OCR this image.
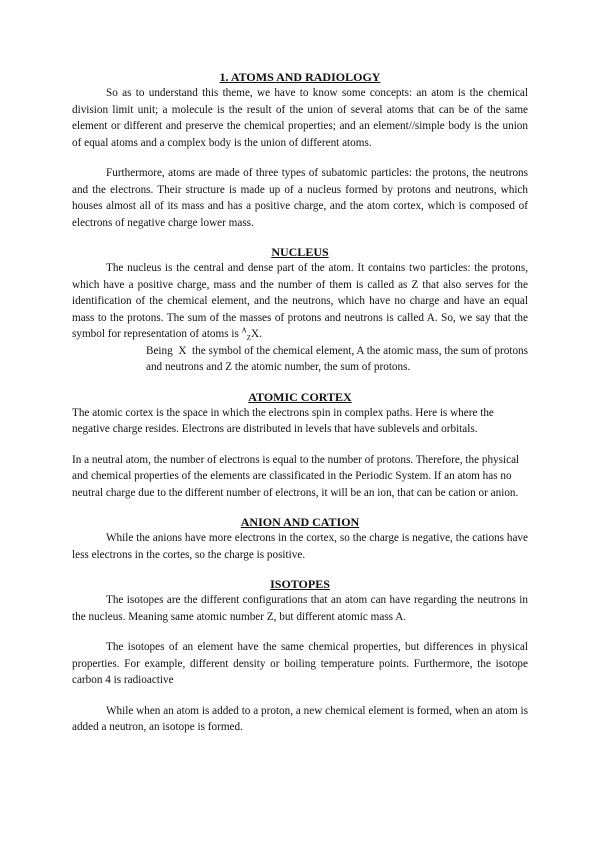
1. ATOMS AND RADIOLOGY

So as to understand this theme, we have to know some concepts: an atom is the chemical division limit unit; a molecule is the result of the union of several atoms that can be of the same element or different and preserve the chemical properties; and an element//simple body is the union of equal atoms and a complex body is the union of different atoms.

Furthermore, atoms are made of three types of subatomic particles: the protons, the neutrons and the electrons. Their structure is made up of a nucleus formed by protons and neutrons, which houses almost all of its mass and has a positive charge, and the atom cortex, which is composed of electrons of negative charge lower mass.

NUCLEUS

The nucleus is the central and dense part of the atom. It contains two particles: the protons, which have a positive charge, mass and the number of them is called as Z that also serves for the identification of the chemical element, and the neutrons, which have no charge and have an equal mass to the protons. The sum of the masses of protons and neutrons is called A. So, we say that the symbol for representation of atoms is $^A_Z$X.

Being X the symbol of the chemical element, A the atomic mass, the sum of protons and neutrons and Z the atomic number, the sum of protons.

ATOMIC CORTEX

The atomic cortex is the space in which the electrons spin in complex paths. Here is where the negative charge resides. Electrons are distributed in levels that have sublevels and orbitals.

In a neutral atom, the number of electrons is equal to the number of protons. Therefore, the physical and chemical properties of the elements are classificated in the Periodic System. If an atom has no neutral charge due to the different number of electrons, it will be an ion, that can be cation or anion.

ANION AND CATION

While the anions have more electrons in the cortex, so the charge is negative, the cations have less electrons in the cortes, so the charge is positive.

ISOTOPES

The isotopes are the different configurations that an atom can have regarding the neutrons in the nucleus. Meaning same atomic number Z, but different atomic mass A.

The isotopes of an element have the same chemical properties, but differences in physical properties. For example, different density or boiling temperature points. Furthermore, the isotope carbon 4 is radioactive

While when an atom is added to a proton, a new chemical element is formed, when an atom is added a neutron, an isotope is formed.
